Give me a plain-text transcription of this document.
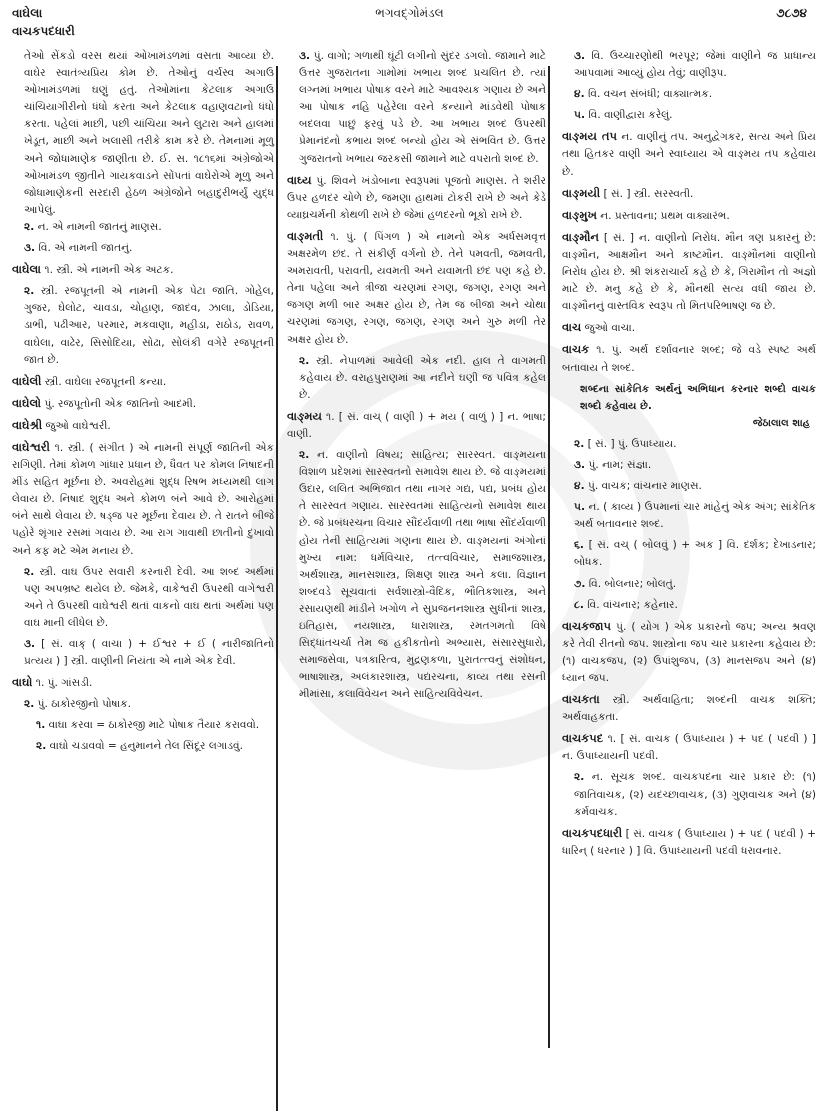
વાઘેલા
વાચકપદધારી
ભગવદ્ગોમંડલ	૭૮૭૪
તેઓ સેંકડો વરસ થયાં ઓખામંડળમાં વસતા આવ્યા છે. વાઘેર સ્વાતંત્ર્યપ્રિય કોમ છે. તેઓનું વર્ચસ્વ અગાઉ ઓખામંડળમાં ઘણું હતું. તેઓમાંના કેટલાક અગાઉ ચાંચિયાગીરીનો ધંધો કરતા અને કેટલાક વહાણવટાનો ધંધો કરતા. પહેલાં માછી, પછી ચાંચિયા અને લુટારા અને હાલમાં ખેડૂત, માછી અને ખલાસી તરીકે કામ કરે છે. તેમનામાં મૂળુ અને જોધામાણેક જાણીતા છે. ઈ. સ. ૧૮૧૬માં અંગ્રેજોએ ઓખામંડળ જીતીને ગાયકવાડને સોંપતાં વાઘેરોએ મૂળુ અને જોધામાણેકની સરદારી હેઠળ અંગ્રેજોને બહાદુરીભર્યું યુદ્ધ આપેલું.
૨. ન. એ નામની જાતનું માણસ.
૩. વિ. એ નામની જાતનું.
વાઘેલા ૧. સ્ત્રી. એ નામની એક અટક.
૨. સ્ત્રી. રજપૂતની એ નામની એક પેટા જાતિ. ગોહેલ, ગુજર, ઘેલોટ, ચાવડા, ચોહાણ, જાદવ, ઝાલા, ડોડિયા, ડાભી, પઢીઆર, પરમાર, મકવાણા, મહીડા, રાઠોડ, રાવળ, વાઘેલા, વાઢેર, સિસોદિયા, સોઢા, સોલંકી વગેરે રજપૂતની જાત છે.
વાઘેલી સ્ત્રી. વાઘેલા રજપૂતની કન્યા.
વાઘેલો પું. રજપૂતોની એક જાતિનો આદમી.
વાઘેશ્રી જુઓ વાઘેશ્વરી.
વાઘેશ્વરી ૧. સ્ત્રી. ( સંગીત ) એ નામની સંપૂર્ણ જાતિની એક રાગિણી. તેમાં કોમળ ગાંધાર પ્રધાન છે, ધૈવત પર કોમલ નિષાદની મીંડ સહિત મૂર્છના છે. અવરોહમાં શુદ્ધ રિષભ મધ્યમથી લાગ લેવાય છે. નિષાદ શુદ્ધ અને કોમળ બંને આવે છે. આરોહમાં બંને સાથે લેવાય છે. ષડ્જ પર મૂર્છના દેવાય છે. તે રાતને બીજે પહોરે શૃંગાર રસમાં ગવાય છે. આ રાગ ગાવાથી છાતીનો દુખાવો અને કફ મટે એમ મનાય છે.
૨. સ્ત્રી. વાઘ ઉપર સવારી કરનારી દેવી. આ શબ્દ અર્થમાં પણ અપભ્રષ્ટ થયેલ છે. જેમકે, વાકેશ્વરી ઉપરથી વાગેશ્વરી અને તે ઉપરથી વાઘેશ્વરી થતાં વાકનો વાઘ થતાં અર્થમાં પણ વાઘ માની લીધેલ છે.
૩. [ સં. વાક્ ( વાચા ) + ઈશ્વર + ઈ ( નારીજાતિનો પ્રત્યય ) ] સ્ત્રી. વાણીની નિયંતા એ નામે એક દેવી.
વાઘો ૧. પું. ગાંસડી.
૨. પું. ઠાકોરજીનો પોષાક.
૧. વાઘા કરવા = ઠાકોરજી માટે પોષાક તૈયાર કરાવવો.
૨. વાઘો ચડાવવો = હનુમાનને તેલ સિંદૂર લગાડવું.
૩. પું. વાગો; ગળાથી ઘૂંટી લગીનો સુંદર ડગલો. જામાને માટે ઉત્તર ગુજરાતના ગામોમાં ખભાય શબ્દ પ્રચલિત છે. ત્યાં લગ્નમાં ખભાય પોષાક વરને માટે આવશ્યક ગણાય છે અને આ પોષાક નહિ પહેરેલા વરને કન્યાને માંડવેથી પોષાક બદલવા પાછું ફરવું પડે છે. આ ખભાય શબ્દ ઉપરથી પ્રેમાનંદનો કભાય શબ્દ બન્યો હોય એ સંભવિત છે. ઉત્તર ગુજરાતનો ખભાય જરકસી જામાને માટે વપરાતો શબ્દ છે.
વાઘ્ય પું. શિવને ખંડોબાના સ્વરૂપમાં પૂજતો માણસ. તે શરીર ઉપર હળદર ચોળે છે, જમણા હાથમાં ટોકરી રાખે છે અને કેડે વ્યાઘ્રચર્મની કોથળી રાખે છે જેમાં હળદરનો ભૂકો રાખે છે.
વાઙ્મતી ૧. પું. ( પિંગળ ) એ નામનો એક અર્ધસમવૃત્ત અક્ષરમેળ છંદ. તે સંકીર્ણ વર્ગનો છે. તેને પમવતી, જમવતી, અમરાવતી, પરાવતી, યવમતી અને યવામતી છંદ પણ કહે છે. તેના પહેલા અને ત્રીજા ચરણમાં રગણ, જગણ, રગણ અને જગણ મળી બાર અક્ષર હોય છે, તેમ જ બીજા અને ચોથા ચરણમાં જગણ, રગણ, જગણ, રગણ અને ગુરુ મળી તેર અક્ષર હોય છે.
૨. સ્ત્રી. નેપાળમાં આવેલી એક નદી. હાલ તે વાગમતી કહેવાય છે. વરાહપુરાણમાં આ નદીને ઘણી જ પવિત્ર કહેલ છે.
વાઙ્મય ૧. [ સં. વાચ્ ( વાણી ) + મય ( વાળું ) ] ન. ભાષા; વાણી.
૨. ન. વાણીનો વિષય; સાહિત્ય; સારસ્વત. વાઙ્મયના વિશાળ પ્રદેશમાં સારસ્વતનો સમાવેશ થાય છે. જે વાઙ્મયમાં ઉદાર, લલિત અભિજાત તથા નાગર ગદ્ય, પદ્ય, પ્રબંધ હોય તે સારસ્વત ગણાય. સારસ્વતમાં સાહિત્યનો સમાવેશ થાય છે. જે પ્રબંધરચના વિચાર સૌંદર્યવાળી તથા ભાષા સૌંદર્યવાળી હોય તેની સાહિત્યમાં ગણના થાય છે. વાઙ્મયનાં અંગોનાં મુખ્ય નામ: ધર્મવિચાર, તત્ત્વવિચાર, સમાજશાસ્ત્ર, અર્થશાસ્ત્ર, માનસશાસ્ત્ર, શિક્ષણ શાસ્ત્ર અને કલા. વિજ્ઞાન શબ્દવડે સૂચવાતાં સર્વશાસ્ત્રો-વૈદિક, ભૌતિકશાસ્ત્ર, અને રસાયણથી માંડીને ખગોળ ને સુપ્રજનનશાસ્ત્ર સુધીનાં શાસ્ત્ર, ઇતિહાસ, નયશાસ્ત્ર, ધારાશાસ્ત્ર, રમતગમતો વિષે સિદ્ધાંતચર્ચા તેમ જ હકીકતોનો અભ્યાસ, સંસારસુધારો, સમાજસેવા, પત્રકારિત્વ, મુદ્રણકળા, પુરાતત્ત્વનું સંશોધન, ભાષાશાસ્ત્ર, અલંકારશાસ્ત્ર, પદ્યરચના, કાવ્ય તથા રસની મીમાંસા, કલાવિવેચન અને સાહિત્યવિવેચન.
૩. વિ. ઉચ્ચારણોથી ભરપૂર; જેમાં વાણીને જ પ્રાધાન્ય આપવામાં આવ્યું હોય તેવું; વાણીરૂપ.
૪. વિ. વચન સંબંધી; વાક્યાત્મક.
૫. વિ. વાણીદ્વારા કરેલું.
વાઙ્મય તપ ન. વાણીનું તપ. અનુદ્વેગકર, સત્ય અને પ્રિય તથા હિતકર વાણી અને સ્વાધ્યાય એ વાઙ્મય તપ કહેવાય છે.
વાઙ્મયી [ સં. ] સ્ત્રી. સરસ્વતી.
વાઙ્મુખ ન. પ્રસ્તાવના; પ્રથમ વાક્યારંભ.
વાઙ્મૌન [ સં. ] ન. વાણીનો નિરોધ. મૌન ત્રણ પ્રકારનું છે: વાઙ્મૌન, આક્ષમૌન અને કાષ્ટમૌન. વાઙ્મૌનમાં વાણીનો નિરોધ હોય છે. શ્રી શંકરાચાર્ય કહે છે કે, ગિરામૌન તો અજ્ઞો માટે છે. મનુ કહે છે કે, મૌનથી સત્ય વધી જાય છે. વાઙ્મૌનનું વાસ્તવિક સ્વરૂપ તો મિતપરિભાષણ જ છે.
વાચ જુઓ વાચા.
વાચક ૧. પું. અર્થ દર્શાવનાર શબ્દ; જે વડે સ્પષ્ટ અર્થ બતાવાય તે શબ્દ.
શબ્દના સાંકેતિક અર્થનું અભિધાન કરનાર શબ્દો વાચક શબ્દો કહેવાય છે.
જેઠાલાલ શાહ
૨. [ સં. ] પું. ઉપાધ્યાય.
૩. પું. નામ; સંજ્ઞા.
૪. પું. વાચક; વાંચનાર માણસ.
૫. ન. ( કાવ્ય ) ઉપમાનાં ચાર માંહેનું એક અંગ; સાંકેતિક અર્થ બતાવનાર શબ્દ.
૬. [ સં. વચ્ ( બોલવું ) + અક ] વિ. દર્શક; દેખાડનાર; બોધક.
૭. વિ. બોલનાર; બોલતું.
૮. વિ. વાંચનાર; કહેનાર.
વાચકજાપ પું. ( યોગ ) એક પ્રકારનો જપ; અન્ય શ્રવણ કરે તેવી રીતનો જપ. શાસ્ત્રોના જપ ચાર પ્રકારના કહેવાય છે: (૧) વાચકજપ, (૨) ઉપાંશુજપ, (૩) માનસજપ અને (૪) ધ્યાન જપ.
વાચકતા સ્ત્રી. અર્થવાહિતા; શબ્દની વાચક શક્તિ; અર્થવાહકતા.
વાચકપદ ૧. [ સં. વાચક ( ઉપાધ્યાય ) + પદ ( પદવી ) ] ન. ઉપાધ્યાયની પદવી.
૨. ન. સૂચક શબ્દ. વાચકપદના ચાર પ્રકાર છે: (૧) જાતિવાચક, (૨) યદચ્છાવાચક, (૩) ગુણવાચક અને (૪) કર્મવાચક.
વાચકપદધારી [ સં. વાચક ( ઉપાધ્યાય ) + પદ ( પદવી ) + ધારિન્ ( ધરનાર ) ] વિ. ઉપાધ્યાયની પદવી ધરાવનાર.
